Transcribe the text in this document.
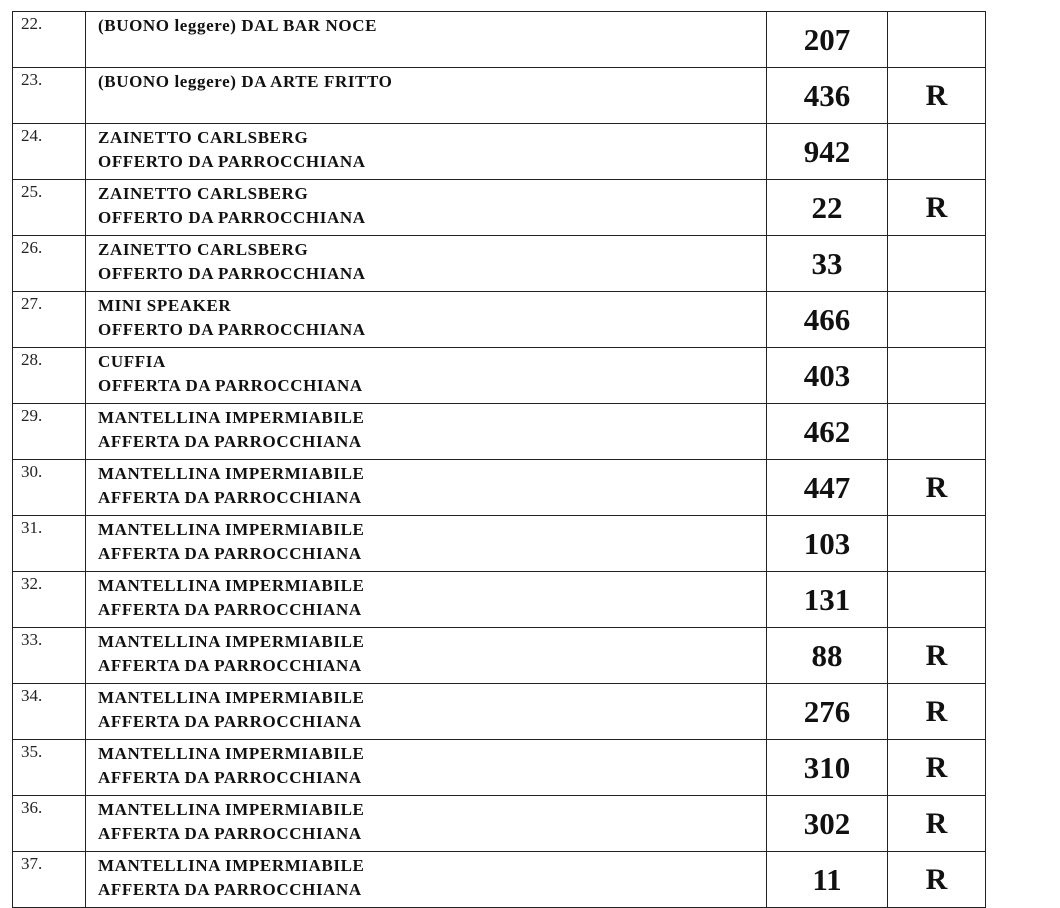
22.	(BUONO leggere) DAL BAR NOCE	207	
23.	(BUONO leggere) DA ARTE FRITTO	436	R
24.	ZAINETTO CARLSBERG
OFFERTO DA PARROCCHIANA	942	
25.	ZAINETTO CARLSBERG
OFFERTO DA PARROCCHIANA	22	R
26.	ZAINETTO CARLSBERG
OFFERTO DA PARROCCHIANA	33	
27.	MINI SPEAKER
OFFERTO DA PARROCCHIANA	466	
28.	CUFFIA
OFFERTA DA PARROCCHIANA	403	
29.	MANTELLINA IMPERMIABILE
AFFERTA DA PARROCCHIANA	462	
30.	MANTELLINA IMPERMIABILE
AFFERTA DA PARROCCHIANA	447	R
31.	MANTELLINA IMPERMIABILE
AFFERTA DA PARROCCHIANA	103	
32.	MANTELLINA IMPERMIABILE
AFFERTA DA PARROCCHIANA	131	
33.	MANTELLINA IMPERMIABILE
AFFERTA DA PARROCCHIANA	88	R
34.	MANTELLINA IMPERMIABILE
AFFERTA DA PARROCCHIANA	276	R
35.	MANTELLINA IMPERMIABILE
AFFERTA DA PARROCCHIANA	310	R
36.	MANTELLINA IMPERMIABILE
AFFERTA DA PARROCCHIANA	302	R
37.	MANTELLINA IMPERMIABILE
AFFERTA DA PARROCCHIANA	11	R
